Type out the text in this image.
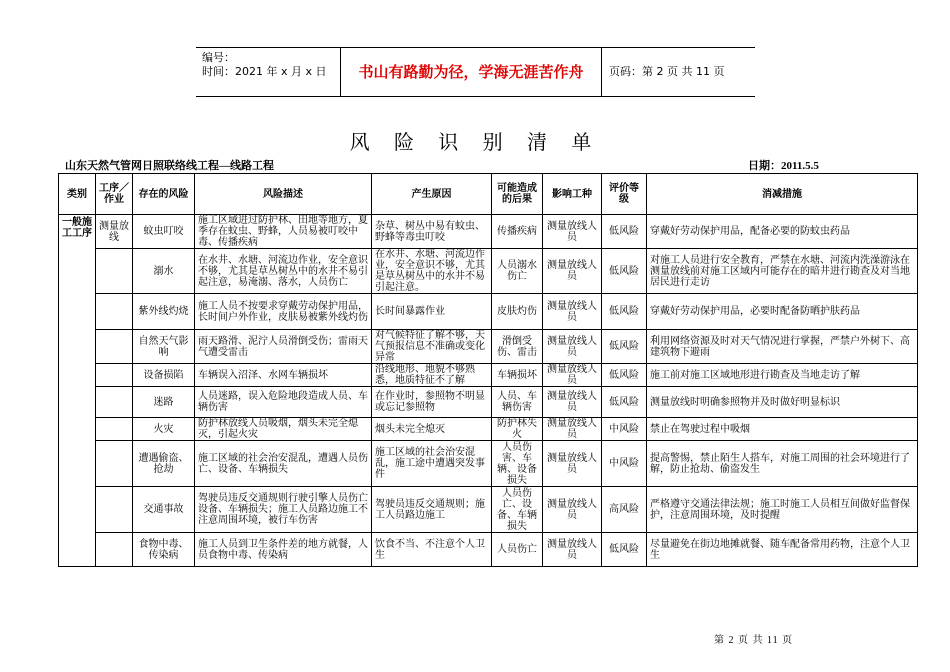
编号：
时间：2021 年 x 月 x 日	书山有路勤为径，学海无涯苦作舟	页码：第 2 页 共 11 页
风 险 识 别 清 单
山东天然气管网日照联络线工程—线路工程	日期：2011.5.5
类别	工序／作业	存在的风险	风险描述	产生原因	可能造成的后果	影响工种	评价等级	消减措施
一般施工工序	测量放线	蚊虫叮咬	施工区域进过防护林、田地等地方，夏季存在蚊虫、野蜂，人员易被叮咬中毒、传播疾病	杂草、树丛中易有蚊虫、野蜂等毒虫叮咬	传播疾病	测量放线人员	低风险	穿戴好劳动保护用品，配备必要的防蚊虫药品
		溺水	在水井、水塘、河流边作业，安全意识不够，尤其是草丛树丛中的水井不易引起注意，易淹溺、落水，人员伤亡	在水井、水塘、河流边作业，安全意识不够，尤其是草丛树丛中的水井不易引起注意。	人员溺水伤亡	测量放线人员	低风险	对施工人员进行安全教育，严禁在水塘、河流内洗澡游泳在测量放线前对施工区域内可能存在的暗井进行勘查及对当地居民进行走访
		紫外线灼烧	施工人员不按要求穿戴劳动保护用品，长时间户外作业，皮肤易被紫外线灼伤	长时间暴露作业	皮肤灼伤	测量放线人员	低风险	穿戴好劳动保护用品，必要时配备防晒护肤药品
		自然天气影响	雨天路滑、泥泞人员滑倒受伤；雷雨天气遭受雷击	对气候特征了解不够，天气预报信息不准确或变化异常	滑倒受伤、雷击	测量放线人员	低风险	利用网络资源及时对天气情况进行掌握，严禁户外树下、高建筑物下避雨
		设备损陷	车辆误入沼泽、水网车辆损坏	沿线地形、地貌不够熟悉，地质特征不了解	车辆损坏	测量放线人员	低风险	施工前对施工区域地形进行勘查及当地走访了解
		迷路	人员迷路，误入危险地段造成人员、车辆伤害	在作业时，参照物不明显或忘记参照物	人员、车辆伤害	测量放线人员	低风险	测量放线时明确参照物并及时做好明显标识
		火灾	防护林放线人员吸烟，烟头未完全熄灭，引起火灾	烟头未完全熄灭	防护林失火	测量放线人员	中风险	禁止在驾驶过程中吸烟
		遭遇偷盗、抢劫	施工区域的社会治安混乱，遭遇人员伤亡、设备、车辆损失	施工区域的社会治安混乱，施工途中遭遇突发事件	人员伤害、车辆、设备损失	测量放线人员	中风险	提高警惕，禁止陌生人搭车，对施工周围的社会环境进行了解，防止抢劫、偷盗发生
		交通事故	驾驶员违反交通规则行驶引擎人员伤亡设备、车辆损失；施工人员路边施工不注意周围环境，被行车伤害	驾驶员违反交通规则；施工人员路边施工	人员伤亡、设备、车辆损失	测量放线人员	高风险	严格遵守交通法律法规；施工时施工人员相互间做好监督保护，注意周围环境，及时提醒
		食物中毒、传染病	施工人员到卫生条件差的地方就餐，人员食物中毒、传染病	饮食不当、不注意个人卫生	人员伤亡	测量放线人员	低风险	尽量避免在街边地摊就餐、随车配备常用药物，注意个人卫生
第 2 页 共 11 页
